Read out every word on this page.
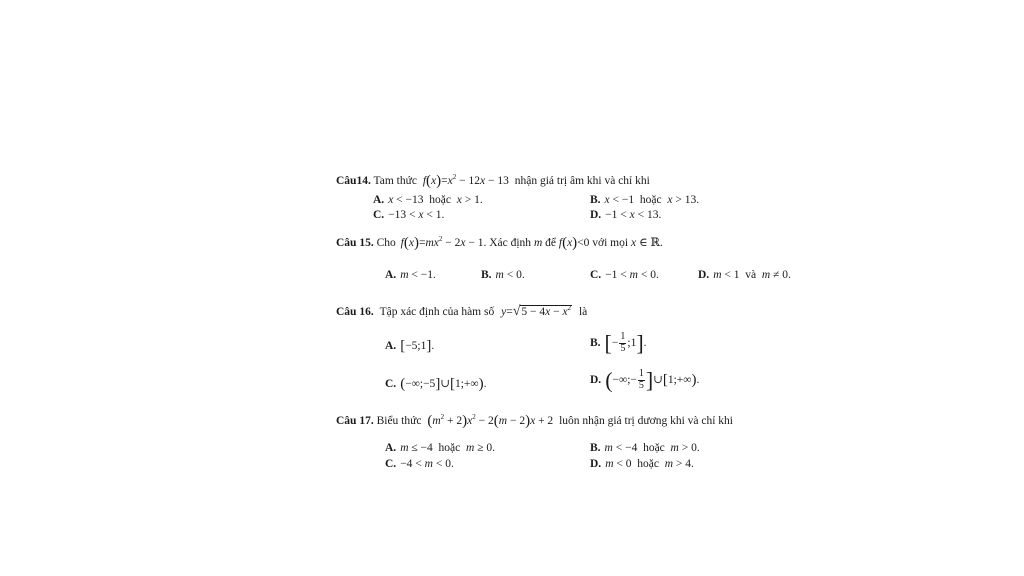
Câu14. Tam thức $f(x)=x^2 - 12x - 13$ nhận giá trị âm khi và chỉ khi
A. x < −13  hoặc  x > 1.	B. x < −1  hoặc  x > 13.
C. −13 < x < 1.	D. −1 < x < 13.
Câu 15. Cho $f(x)=mx^2 - 2x - 1$. Xác định m để f(x)<0 với mọi x ∈ ℝ.
A. m < −1.	B. m < 0.	C. −1 < m < 0.	D. m < 1  và  m ≠ 0.
Câu 16. Tập xác định của hàm số $y=√5 - 4x - x^2$ là
A. [−5;1].	B. [− $\frac{1}{5}$ ;1].
C. (−∞;−5]∪[1;+∞).	D. (−∞;− $\frac{1}{5}$ ]∪[1;+∞).
Câu 17. Biểu thức $(m^2 + 2)x^2 - 2(m - 2)x + 2$ luôn nhận giá trị dương khi và chỉ khi
A. m ≤ −4  hoặc  m ≥ 0.	B. m < −4  hoặc  m > 0.
C. −4 < m < 0.	D. m < 0  hoặc  m > 4.
